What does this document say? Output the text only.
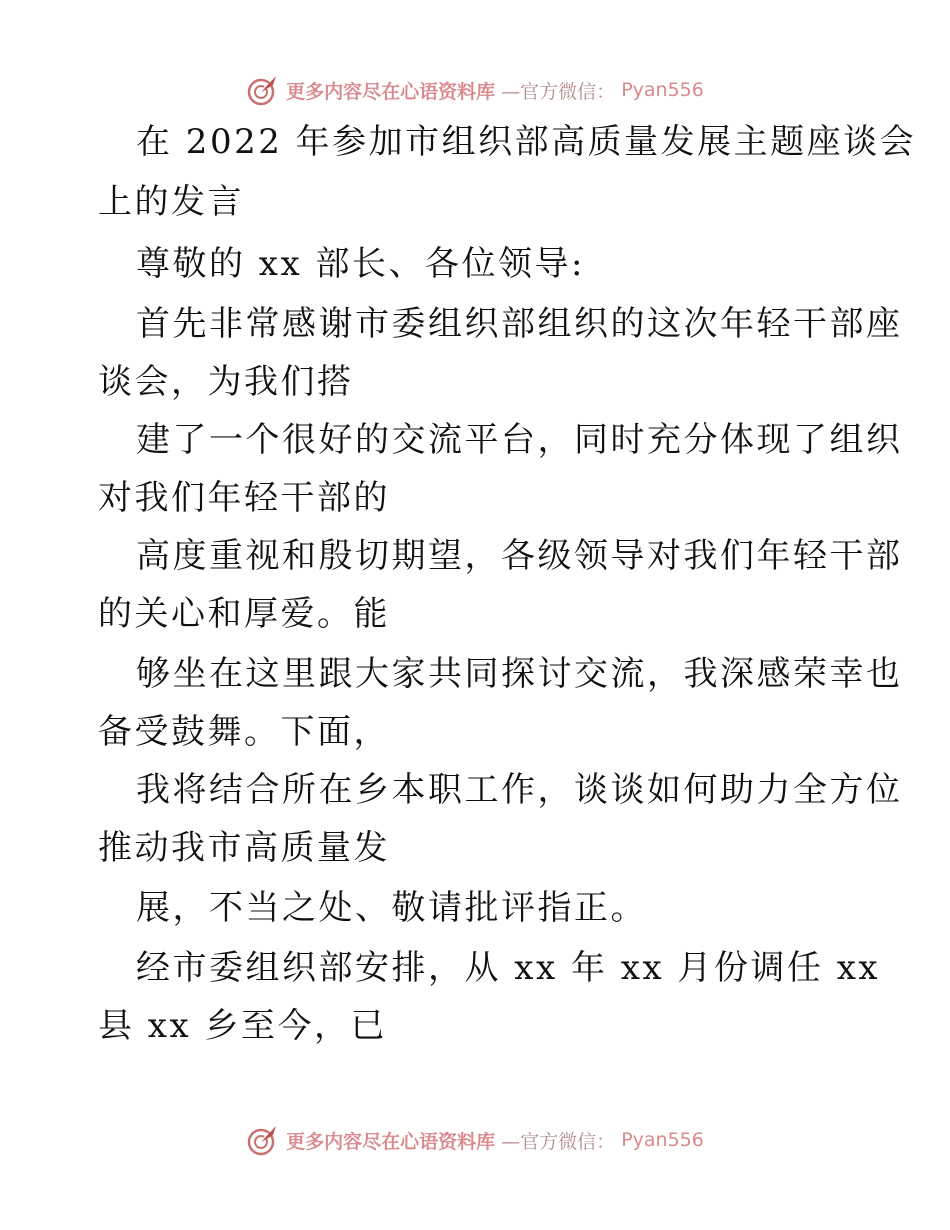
更多内容尽在心语资料库 —官方微信： Pyan556
在 2022 年参加市组织部高质量发展主题座谈会
上的发言
尊敬的 xx 部长、各位领导:
首先非常感谢市委组织部组织的这次年轻干部座
谈会，为我们搭
建了一个很好的交流平台，同时充分体现了组织
对我们年轻干部的
高度重视和殷切期望，各级领导对我们年轻干部
的关心和厚爱。能
够坐在这里跟大家共同探讨交流，我深感荣幸也
备受鼓舞。下面，
我将结合所在乡本职工作，谈谈如何助力全方位
推动我市高质量发
展，不当之处、敬请批评指正。
经市委组织部安排，从 xx 年 xx 月份调任 xx
县 xx 乡至今，已
更多内容尽在心语资料库 —官方微信： Pyan556
